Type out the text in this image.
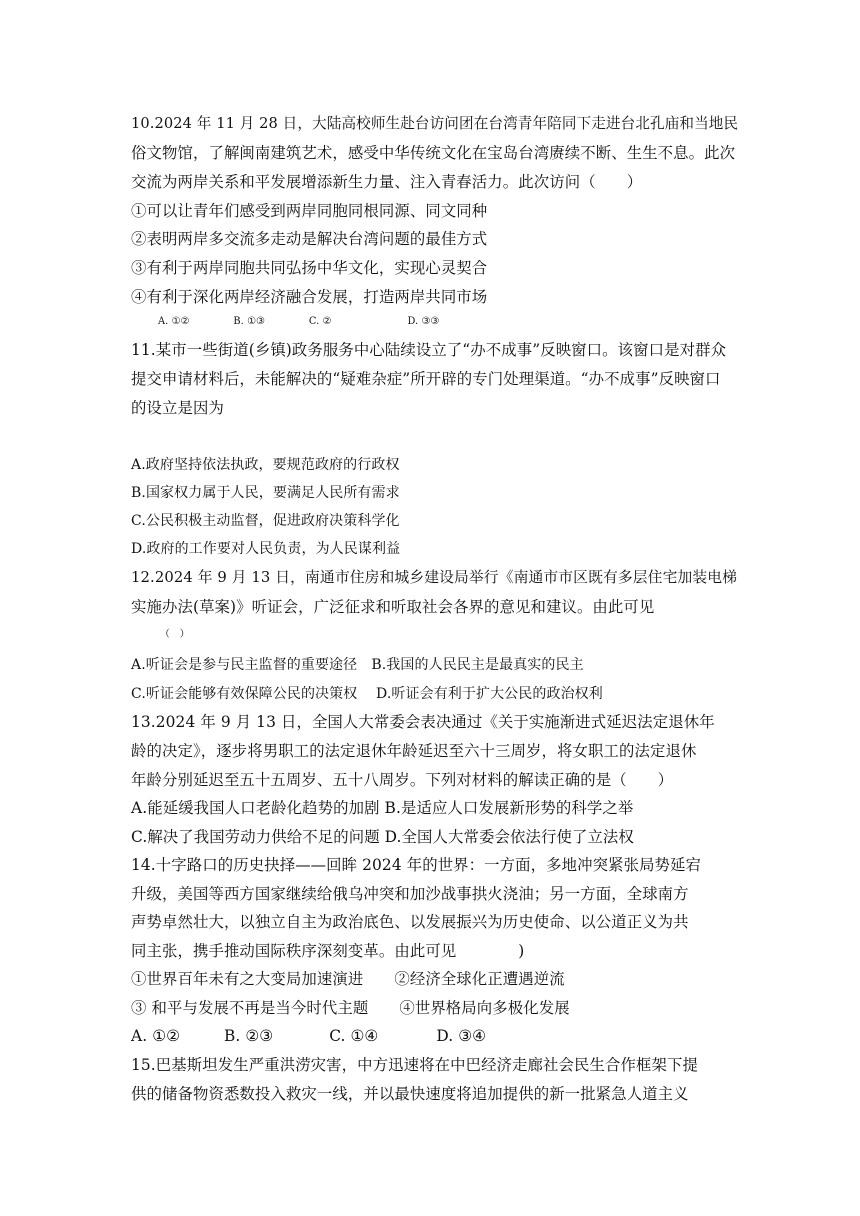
10.2024 年 11 月 28 日，大陆高校师生赴台访问团在台湾青年陪同下走进台北孔庙和当地民
俗文物馆，了解闽南建筑艺术，感受中华传统文化在宝岛台湾赓续不断、生生不息。此次
交流为两岸关系和平发展增添新生力量、注入青春活力。此次访问（　　）
①可以让青年们感受到两岸同胞同根同源、同文同种
②表明两岸多交流多走动是解决台湾问题的最佳方式
③有利于两岸同胞共同弘扬中华文化，实现心灵契合
④有利于深化两岸经济融合发展，打造两岸共同市场
A. ①②	B. ①③	C. ②	D. ③③
11.某市一些街道(乡镇)政务服务中心陆续设立了“办不成事”反映窗口。该窗口是对群众
提交申请材料后，未能解决的“疑难杂症”所开辟的专门处理渠道。“办不成事”反映窗口
的设立是因为
A.政府坚持依法执政，要规范政府的行政权
B.国家权力属于人民，要满足人民所有需求
C.公民积极主动监督，促进政府决策科学化
D.政府的工作要对人民负责，为人民谋利益
12.2024 年 9 月 13 日，南通市住房和城乡建设局举行《南通市市区既有多层住宅加装电梯
实施办法(草案)》听证会，广泛征求和听取社会各界的意见和建议。由此可见
（　）
A.听证会是参与民主监督的重要途径　B.我国的人民民主是最真实的民主
C.听证会能够有效保障公民的决策权　 D.听证会有利于扩大公民的政治权利
13.2024 年 9 月 13 日，全国人大常委会表决通过《关于实施渐进式延迟法定退休年
龄的决定》，逐步将男职工的法定退休年龄延迟至六十三周岁，将女职工的法定退休
年龄分别延迟至五十五周岁、五十八周岁。下列对材料的解读正确的是（　　）
A.能延缓我国人口老龄化趋势的加剧 B.是适应人口发展新形势的科学之举
C.解决了我国劳动力供给不足的问题 D.全国人大常委会依法行使了立法权
14.十字路口的历史抉择——回眸 2024 年的世界：一方面，多地冲突紧张局势延宕
升级，美国等西方国家继续给俄乌冲突和加沙战事拱火浇油；另一方面，全球南方
声势卓然壮大，以独立自主为政治底色、以发展振兴为历史使命、以公道正义为共
同主张，携手推动国际秩序深刻变革。由此可见　　　　)
①世界百年未有之大变局加速演进　　②经济全球化正遭遇逆流
③ 和平与发展不再是当今时代主题　　④世界格局向多极化发展
A. ①②	B. ②③	C. ①④	D. ③④
15.巴基斯坦发生严重洪涝灾害，中方迅速将在中巴经济走廊社会民生合作框架下提
供的储备物资悉数投入救灾一线，并以最快速度将追加提供的新一批紧急人道主义
